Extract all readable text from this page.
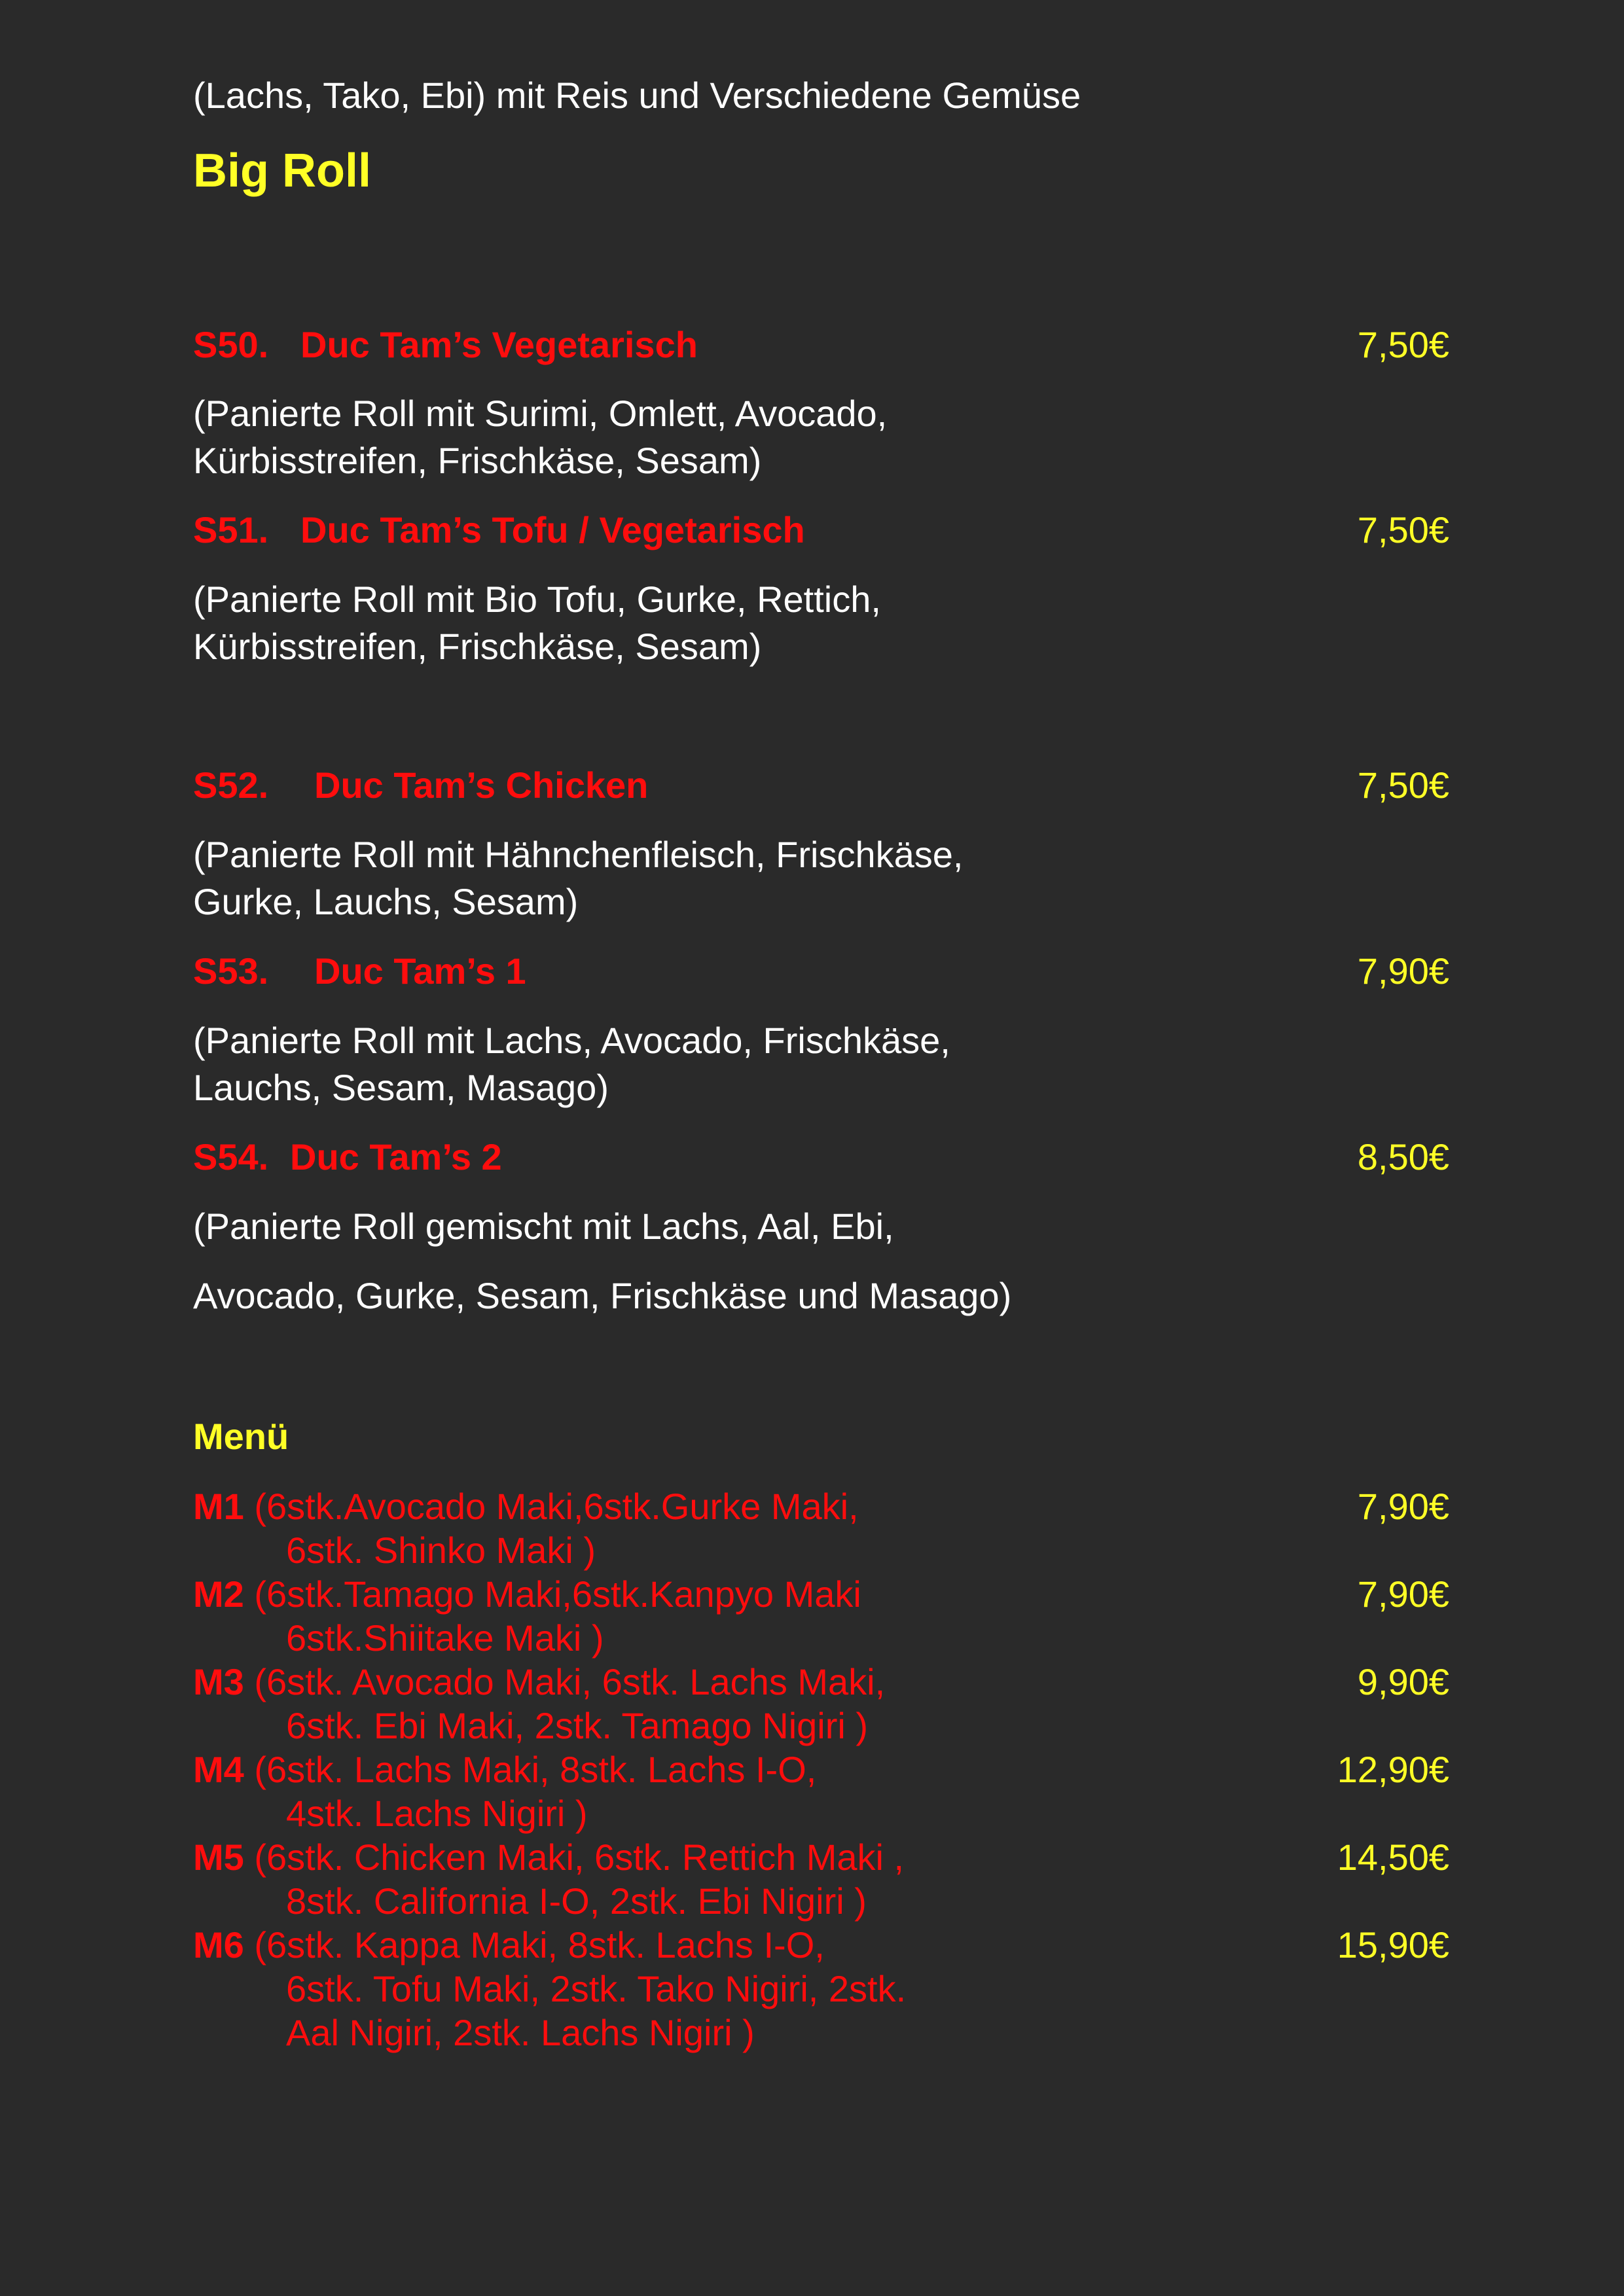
(Lachs, Tako, Ebi) mit Reis und Verschiedene Gemüse
Big Roll
S50. Duc Tam’s Vegetarisch	7,50€
(Panierte Roll mit Surimi, Omlett, Avocado,
Kürbisstreifen, Frischkäse, Sesam)
S51. Duc Tam’s Tofu / Vegetarisch	7,50€
(Panierte Roll mit Bio Tofu, Gurke, Rettich,
Kürbisstreifen, Frischkäse, Sesam)
S52. Duc Tam’s Chicken	7,50€
(Panierte Roll mit Hähnchenfleisch, Frischkäse,
Gurke, Lauchs, Sesam)
S53. Duc Tam’s 1	7,90€
(Panierte Roll mit Lachs, Avocado, Frischkäse,
Lauchs, Sesam, Masago)
S54. Duc Tam’s 2	8,50€
(Panierte Roll gemischt mit Lachs, Aal, Ebi,
Avocado, Gurke, Sesam, Frischkäse und Masago)
Menü
M1 (6stk.Avocado Maki,6stk.Gurke Maki,
6stk. Shinko Maki )
7,90€
M2 (6stk.Tamago Maki,6stk.Kanpyo Maki
6stk.Shiitake Maki )
7,90€
M3 (6stk. Avocado Maki, 6stk. Lachs Maki,
6stk. Ebi Maki, 2stk. Tamago Nigiri )
9,90€
M4 (6stk. Lachs Maki, 8stk. Lachs I-O,
4stk. Lachs Nigiri )
12,90€
M5 (6stk. Chicken Maki, 6stk. Rettich Maki ,
8stk. California I-O, 2stk. Ebi Nigiri )
14,50€
M6 (6stk. Kappa Maki, 8stk. Lachs I-O,
6stk. Tofu Maki, 2stk. Tako Nigiri, 2stk.
Aal Nigiri, 2stk. Lachs Nigiri )
15,90€
